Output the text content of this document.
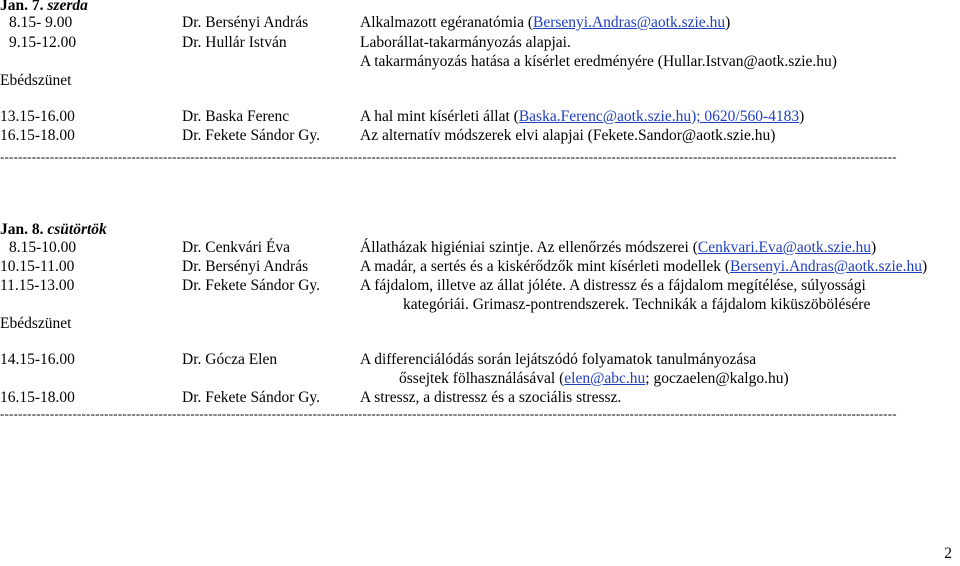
Jan. 7. szerda
8.15- 9.00	Dr. Bersényi András	Alkalmazott egéranatómia (Bersenyi.Andras@aotk.szie.hu)
9.15-12.00	Dr. Hullár István	Laborállat-takarmányozás alapjai.
A takarmányozás hatása a kísérlet eredményére (Hullar.Istvan@aotk.szie.hu)
Ebédszünet
13.15-16.00	Dr. Baska Ferenc	A hal mint kísérleti állat (Baska.Ferenc@aotk.szie.hu); 0620/560-4183)
16.15-18.00	Dr. Fekete Sándor Gy.	Az alternatív módszerek elvi alapjai (Fekete.Sandor@aotk.szie.hu)
------------------------------------------------------------------------------------------------------------------------------------------------------------------------------------------------------
Jan. 8. csütörtök
8.15-10.00	Dr. Cenkvári Éva	Állatházak higiéniai szintje. Az ellenőrzés módszerei (Cenkvari.Eva@aotk.szie.hu)
10.15-11.00	Dr. Bersényi András	A madár, a sertés és a kiskérődzők mint kísérleti modellek (Bersenyi.Andras@aotk.szie.hu)
11.15-13.00	Dr. Fekete Sándor Gy.	A fájdalom, illetve az állat jóléte. A distressz és a fájdalom megítélése, súlyossági
kategóriái. Grimasz-pontrendszerek. Technikák a fájdalom kiküszöbölésére
Ebédszünet
14.15-16.00	Dr. Gócza Elen	A differenciálódás során lejátszódó folyamatok tanulmányozása
őssejtek fölhasználásával (elen@abc.hu; goczaelen@kalgo.hu)
16.15-18.00	Dr. Fekete Sándor Gy.	A stressz, a distressz és a szociális stressz.
------------------------------------------------------------------------------------------------------------------------------------------------------------------------------------------------------
2
